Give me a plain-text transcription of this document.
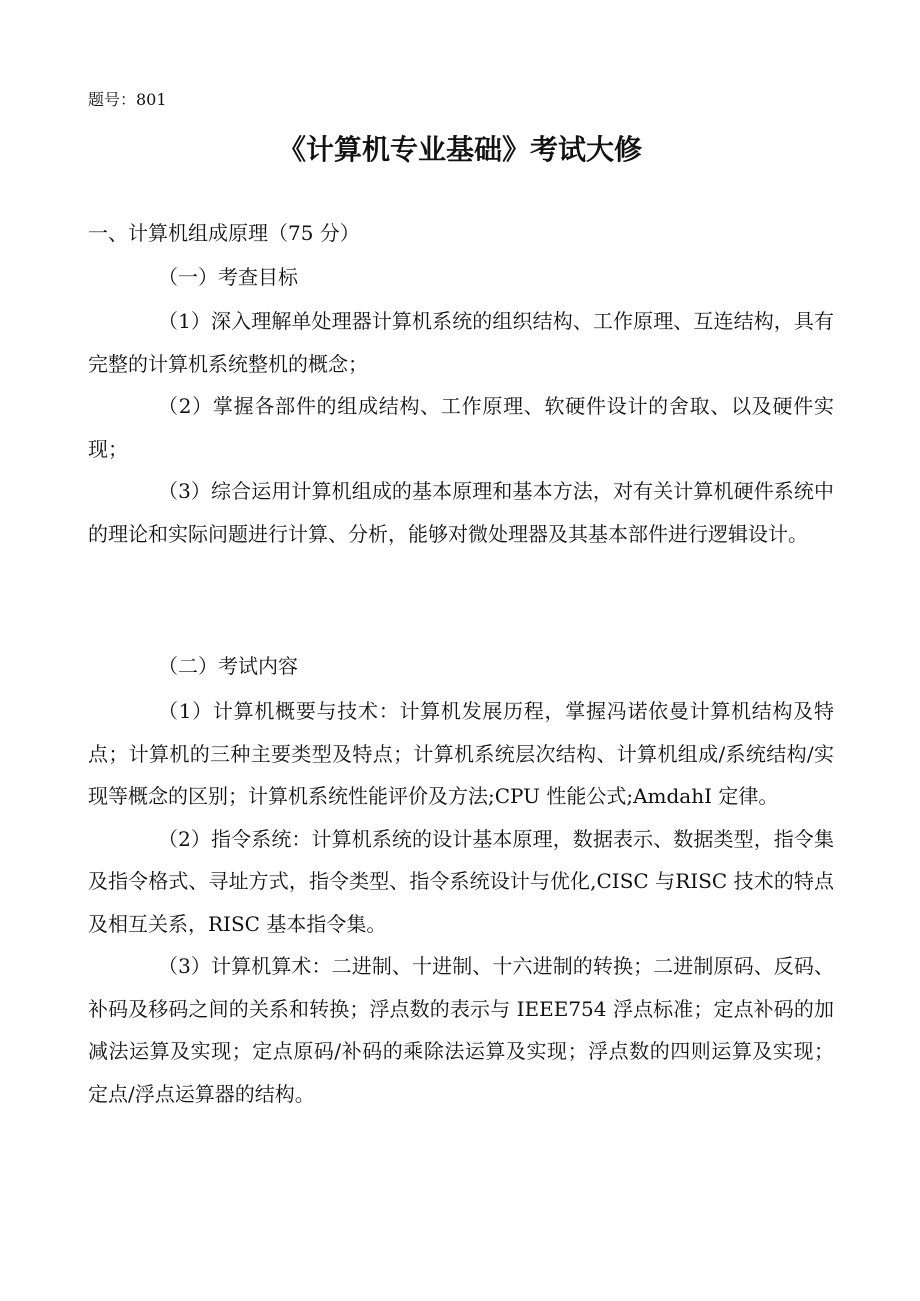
题号：801
《计算机专业基础》考试大修
一、计算机组成原理（75 分）
（一）考查目标

（1）深入理解单处理器计算机系统的组织结构、工作原理、互连结构，具有完整的计算机系统整机的概念；

（2）掌握各部件的组成结构、工作原理、软硬件设计的舍取、以及硬件实现；

（3）综合运用计算机组成的基本原理和基本方法，对有关计算机硬件系统中的理论和实际问题进行计算、分析，能够对微处理器及其基本部件进行逻辑设计。

（二）考试内容

（1）计算机概要与技术：计算机发展历程，掌握冯诺依曼计算机结构及特点；计算机的三种主要类型及特点；计算机系统层次结构、计算机组成/系统结构/实现等概念的区别；计算机系统性能评价及方法;CPU 性能公式;AmdahI 定律。

（2）指令系统：计算机系统的设计基本原理，数据表示、数据类型，指令集及指令格式、寻址方式，指令类型、指令系统设计与优化,CISC 与RISC 技术的特点及相互关系，RISC 基本指令集。

（3）计算机算术：二进制、十进制、十六进制的转换；二进制原码、反码、补码及移码之间的关系和转换；浮点数的表示与 IEEE754 浮点标准；定点补码的加减法运算及实现；定点原码/补码的乘除法运算及实现；浮点数的四则运算及实现；定点/浮点运算器的结构。
